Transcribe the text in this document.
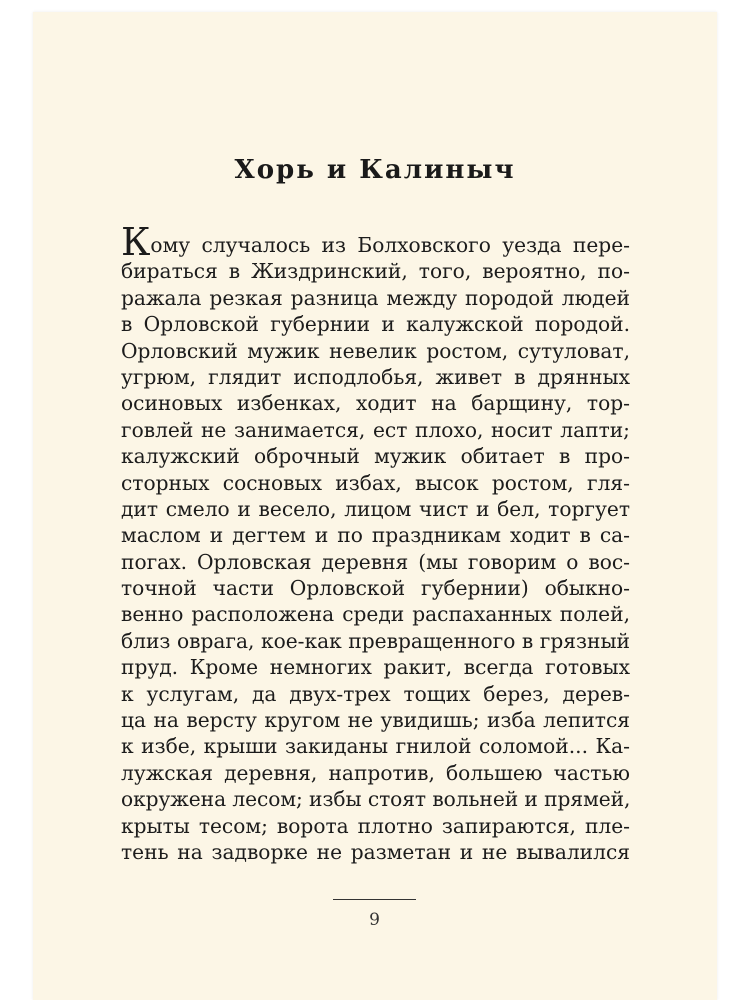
Хорь и Калиныч
Кому случалось из Болховского уезда пере-
бираться в Жиздринский, того, вероятно, по-
ражала резкая разница между породой людей
в Орловской губернии и калужской породой.
Орловский мужик невелик ростом, сутуловат,
угрюм, глядит исподлобья, живет в дрянных
осиновых избенках, ходит на барщину, тор-
говлей не занимается, ест плохо, носит лапти;
калужский оброчный мужик обитает в про-
сторных сосновых избах, высок ростом, гля-
дит смело и весело, лицом чист и бел, торгует
маслом и дегтем и по праздникам ходит в са-
погах. Орловская деревня (мы говорим о вос-
точной части Орловской губернии) обыкно-
венно расположена среди распаханных полей,
близ оврага, кое-как превращенного в грязный
пруд. Кроме немногих ракит, всегда готовых
к услугам, да двух-трех тощих берез, дерев-
ца на версту кругом не увидишь; изба лепится
к избе, крыши закиданы гнилой соломой... Ка-
лужская деревня, напротив, большею частью
окружена лесом; избы стоят вольней и прямей,
крыты тесом; ворота плотно запираются, пле-
тень на задворке не разметан и не вывалился
9
